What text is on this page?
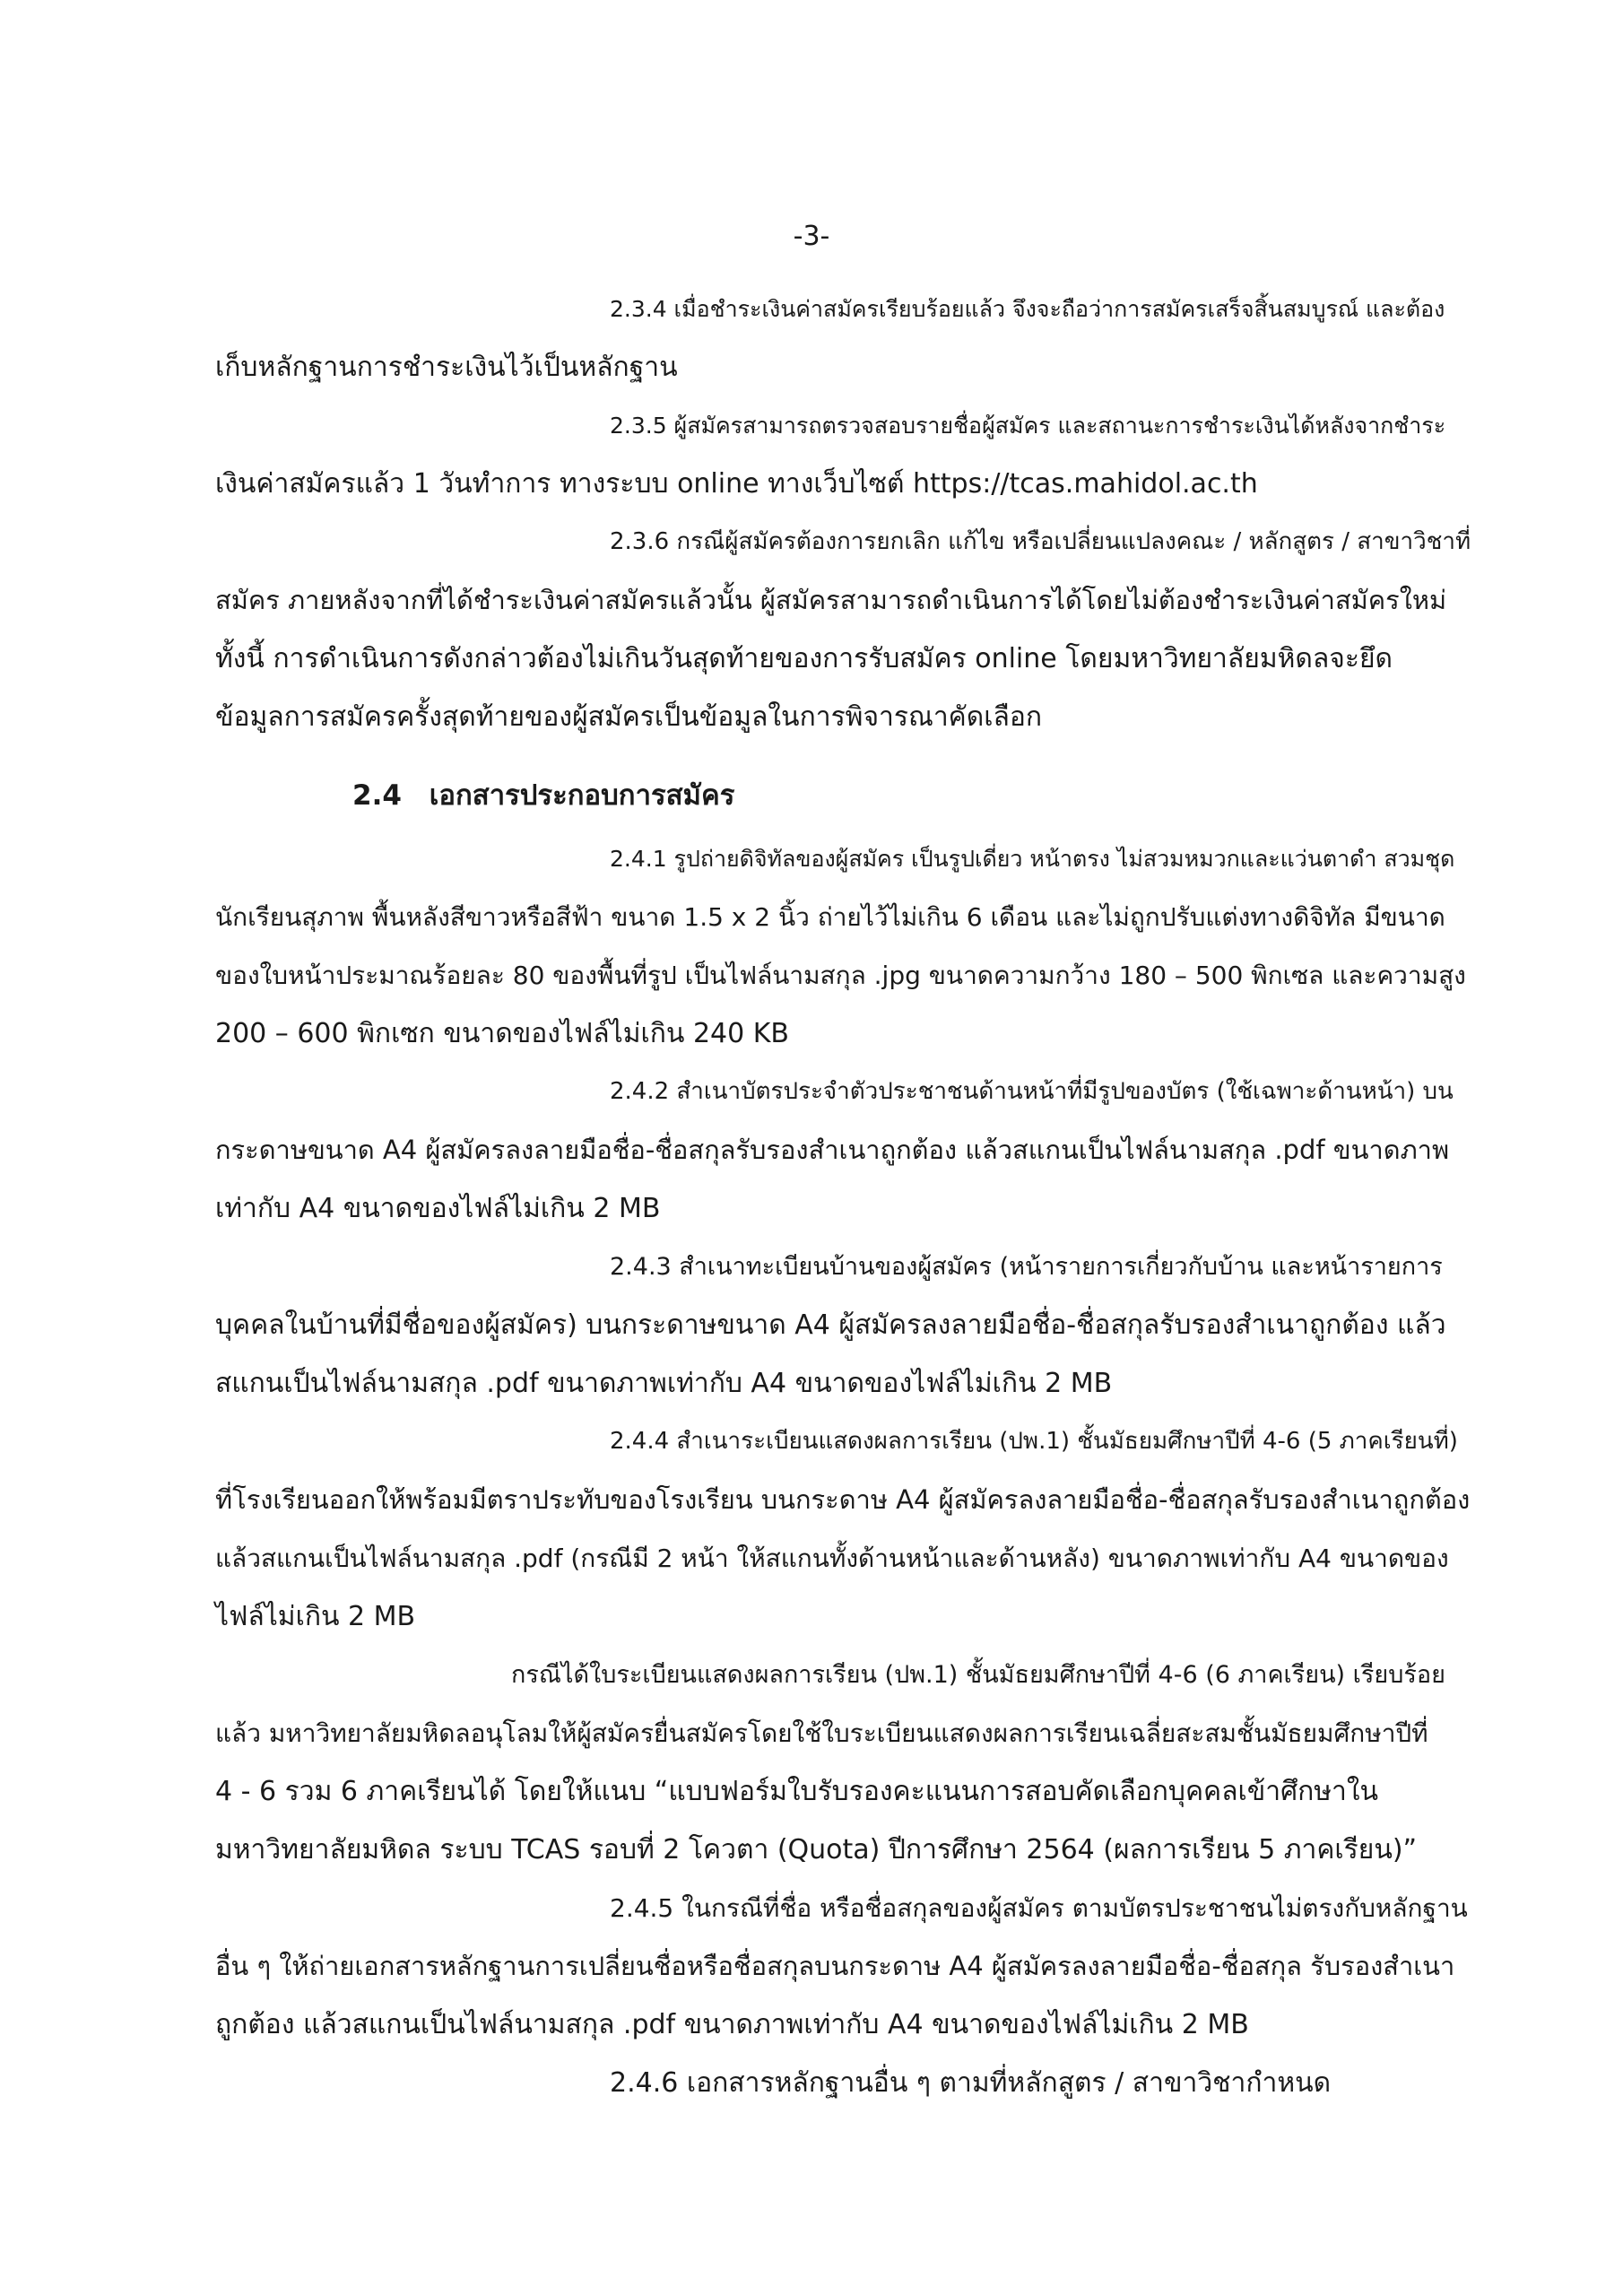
-3-
2.3.4 เมื่อชำระเงินค่าสมัครเรียบร้อยแล้ว จึงจะถือว่าการสมัครเสร็จสิ้นสมบูรณ์ และต้อง
เก็บหลักฐานการชำระเงินไว้เป็นหลักฐาน
2.3.5 ผู้สมัครสามารถตรวจสอบรายชื่อผู้สมัคร และสถานะการชำระเงินได้หลังจากชำระ
เงินค่าสมัครแล้ว 1 วันทำการ ทางระบบ online ทางเว็บไซต์ https://tcas.mahidol.ac.th
2.3.6 กรณีผู้สมัครต้องการยกเลิก แก้ไข หรือเปลี่ยนแปลงคณะ / หลักสูตร / สาขาวิชาที่
สมัคร ภายหลังจากที่ได้ชำระเงินค่าสมัครแล้วนั้น ผู้สมัครสามารถดำเนินการได้โดยไม่ต้องชำระเงินค่าสมัครใหม่
ทั้งนี้ การดำเนินการดังกล่าวต้องไม่เกินวันสุดท้ายของการรับสมัคร online โดยมหาวิทยาลัยมหิดลจะยึด
ข้อมูลการสมัครครั้งสุดท้ายของผู้สมัครเป็นข้อมูลในการพิจารณาคัดเลือก
2.4 เอกสารประกอบการสมัคร
2.4.1 รูปถ่ายดิจิทัลของผู้สมัคร เป็นรูปเดี่ยว หน้าตรง ไม่สวมหมวกและแว่นตาดำ สวมชุด
นักเรียนสุภาพ พื้นหลังสีขาวหรือสีฟ้า ขนาด 1.5 x 2 นิ้ว ถ่ายไว้ไม่เกิน 6 เดือน และไม่ถูกปรับแต่งทางดิจิทัล มีขนาด
ของใบหน้าประมาณร้อยละ 80 ของพื้นที่รูป เป็นไฟล์นามสกุล .jpg ขนาดความกว้าง 180 – 500 พิกเซล และความสูง
200 – 600 พิกเซก ขนาดของไฟล์ไม่เกิน 240 KB
2.4.2 สำเนาบัตรประจำตัวประชาชนด้านหน้าที่มีรูปของบัตร (ใช้เฉพาะด้านหน้า) บน
กระดาษขนาด A4 ผู้สมัครลงลายมือชื่อ-ชื่อสกุลรับรองสำเนาถูกต้อง แล้วสแกนเป็นไฟล์นามสกุล .pdf ขนาดภาพ
เท่ากับ A4 ขนาดของไฟล์ไม่เกิน 2 MB
2.4.3 สำเนาทะเบียนบ้านของผู้สมัคร (หน้ารายการเกี่ยวกับบ้าน และหน้ารายการ
บุคคลในบ้านที่มีชื่อของผู้สมัคร) บนกระดาษขนาด A4 ผู้สมัครลงลายมือชื่อ-ชื่อสกุลรับรองสำเนาถูกต้อง แล้ว
สแกนเป็นไฟล์นามสกุล .pdf ขนาดภาพเท่ากับ A4 ขนาดของไฟล์ไม่เกิน 2 MB
2.4.4 สำเนาระเบียนแสดงผลการเรียน (ปพ.1) ชั้นมัธยมศึกษาปีที่ 4-6 (5 ภาคเรียนที่)
ที่โรงเรียนออกให้พร้อมมีตราประทับของโรงเรียน บนกระดาษ A4 ผู้สมัครลงลายมือชื่อ-ชื่อสกุลรับรองสำเนาถูกต้อง
แล้วสแกนเป็นไฟล์นามสกุล .pdf (กรณีมี 2 หน้า ให้สแกนทั้งด้านหน้าและด้านหลัง) ขนาดภาพเท่ากับ A4 ขนาดของ
ไฟล์ไม่เกิน 2 MB
กรณีได้ใบระเบียนแสดงผลการเรียน (ปพ.1) ชั้นมัธยมศึกษาปีที่ 4-6 (6 ภาคเรียน) เรียบร้อย
แล้ว มหาวิทยาลัยมหิดลอนุโลมให้ผู้สมัครยื่นสมัครโดยใช้ใบระเบียนแสดงผลการเรียนเฉลี่ยสะสมชั้นมัธยมศึกษาปีที่
4 - 6 รวม 6 ภาคเรียนได้ โดยให้แนบ “แบบฟอร์มใบรับรองคะแนนการสอบคัดเลือกบุคคลเข้าศึกษาใน
มหาวิทยาลัยมหิดล ระบบ TCAS รอบที่ 2 โควตา (Quota) ปีการศึกษา 2564 (ผลการเรียน 5 ภาคเรียน)”
2.4.5 ในกรณีที่ชื่อ หรือชื่อสกุลของผู้สมัคร ตามบัตรประชาชนไม่ตรงกับหลักฐาน
อื่น ๆ ให้ถ่ายเอกสารหลักฐานการเปลี่ยนชื่อหรือชื่อสกุลบนกระดาษ A4 ผู้สมัครลงลายมือชื่อ-ชื่อสกุล รับรองสำเนา
ถูกต้อง แล้วสแกนเป็นไฟล์นามสกุล .pdf ขนาดภาพเท่ากับ A4 ขนาดของไฟล์ไม่เกิน 2 MB
2.4.6 เอกสารหลักฐานอื่น ๆ ตามที่หลักสูตร / สาขาวิชากำหนด
